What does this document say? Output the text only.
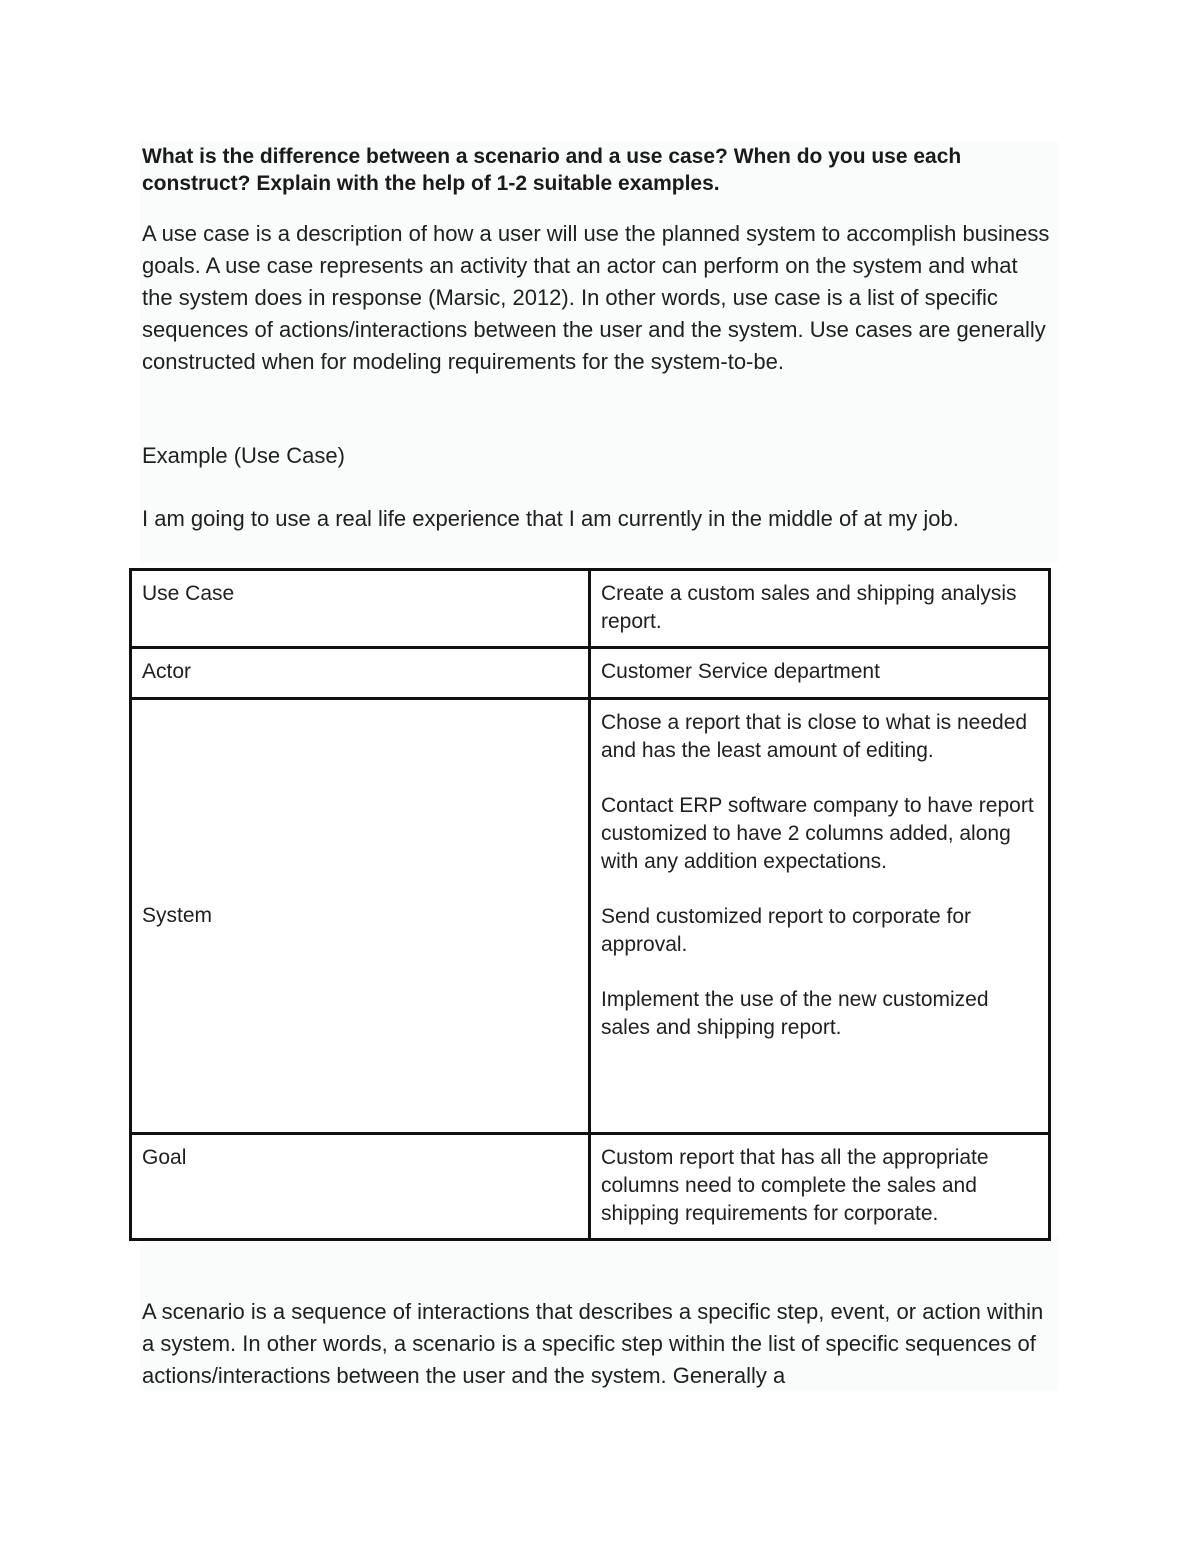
What is the difference between a scenario and a use case? When do you use each construct? Explain with the help of 1-2 suitable examples.

A use case is a description of how a user will use the planned system to accomplish business goals. A use case represents an activity that an actor can perform on the system and what the system does in response (Marsic, 2012). In other words, use case is a list of specific sequences of actions/interactions between the user and the system. Use cases are generally constructed when for modeling requirements for the system-to-be.

Example (Use Case)

I am going to use a real life experience that I am currently in the middle of at my job.

Use Case	Create a custom sales and shipping analysis report.
Actor	Customer Service department
System	Chose a report that is close to what is needed and has the least amount of editing.

Contact ERP software company to have report customized to have 2 columns added, along with any addition expectations.

Send customized report to corporate for approval.

Implement the use of the new customized sales and shipping report.

Goal	Custom report that has all the appropriate columns need to complete the sales and shipping requirements for corporate.

A scenario is a sequence of interactions that describes a specific step, event, or action within a system. In other words, a scenario is a specific step within the list of specific sequences of actions/interactions between the user and the system. Generally a
